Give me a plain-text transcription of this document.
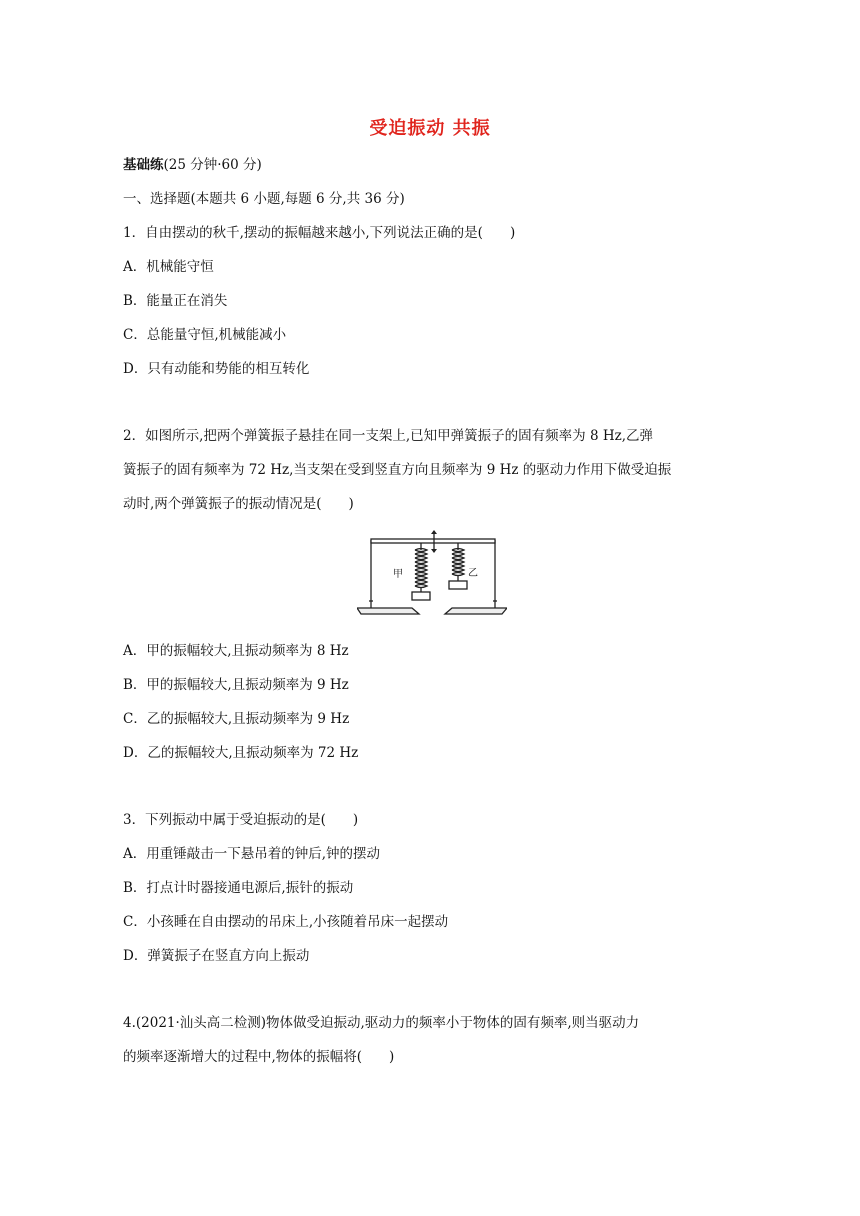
受迫振动 共振
基础练(25 分钟·60 分)
一、选择题(本题共 6 小题,每题 6 分,共 36 分)
1．自由摆动的秋千,摆动的振幅越来越小,下列说法正确的是(　　)
A．机械能守恒
B．能量正在消失
C．总能量守恒,机械能减小
D．只有动能和势能的相互转化
2．如图所示,把两个弹簧振子悬挂在同一支架上,已知甲弹簧振子的固有频率为 8 Hz,乙弹
簧振子的固有频率为 72 Hz,当支架在受到竖直方向且频率为 9 Hz 的驱动力作用下做受迫振
动时,两个弹簧振子的振动情况是(　　)
甲	乙
A．甲的振幅较大,且振动频率为 8 Hz
B．甲的振幅较大,且振动频率为 9 Hz
C．乙的振幅较大,且振动频率为 9 Hz
D．乙的振幅较大,且振动频率为 72 Hz
3．下列振动中属于受迫振动的是(　　)
A．用重锤敲击一下悬吊着的钟后,钟的摆动
B．打点计时器接通电源后,振针的振动
C．小孩睡在自由摆动的吊床上,小孩随着吊床一起摆动
D．弹簧振子在竖直方向上振动
4.(2021·汕头高二检测)物体做受迫振动,驱动力的频率小于物体的固有频率,则当驱动力
的频率逐渐增大的过程中,物体的振幅将(　　)
